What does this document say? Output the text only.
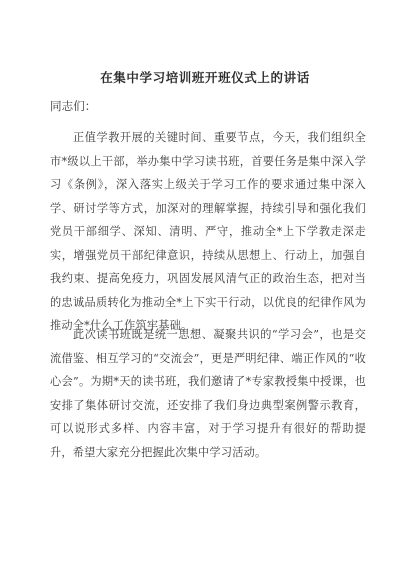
在集中学习培训班开班仪式上的讲话
同志们：

正值学教开展的关键时间、重要节点，今天，我们组织全市*级以上干部，举办集中学习读书班，首要任务是集中深入学习《条例》，深入落实上级关于学习工作的要求通过集中深入学、研讨学等方式，加深对的理解掌握，持续引导和强化我们党员干部细学、深知、清明、严守，推动全*上下学教走深走实，增强党员干部纪律意识，持续从思想上、行动上，加强自我约束、提高免疫力，巩固发展风清气正的政治生态，把对当的忠诚品质转化为推动全*上下实干行动，以优良的纪律作风为推动全*什么工作筑牢基础。

此次读书班既是统一思想、凝聚共识的“学习会”，也是交流借鉴、相互学习的“交流会”，更是严明纪律、端正作风的“收心会”。为期*天的读书班，我们邀请了*专家教授集中授课，也安排了集体研讨交流，还安排了我们身边典型案例警示教育，可以说形式多样、内容丰富，对于学习提升有很好的帮助提升，希望大家充分把握此次集中学习活动。
